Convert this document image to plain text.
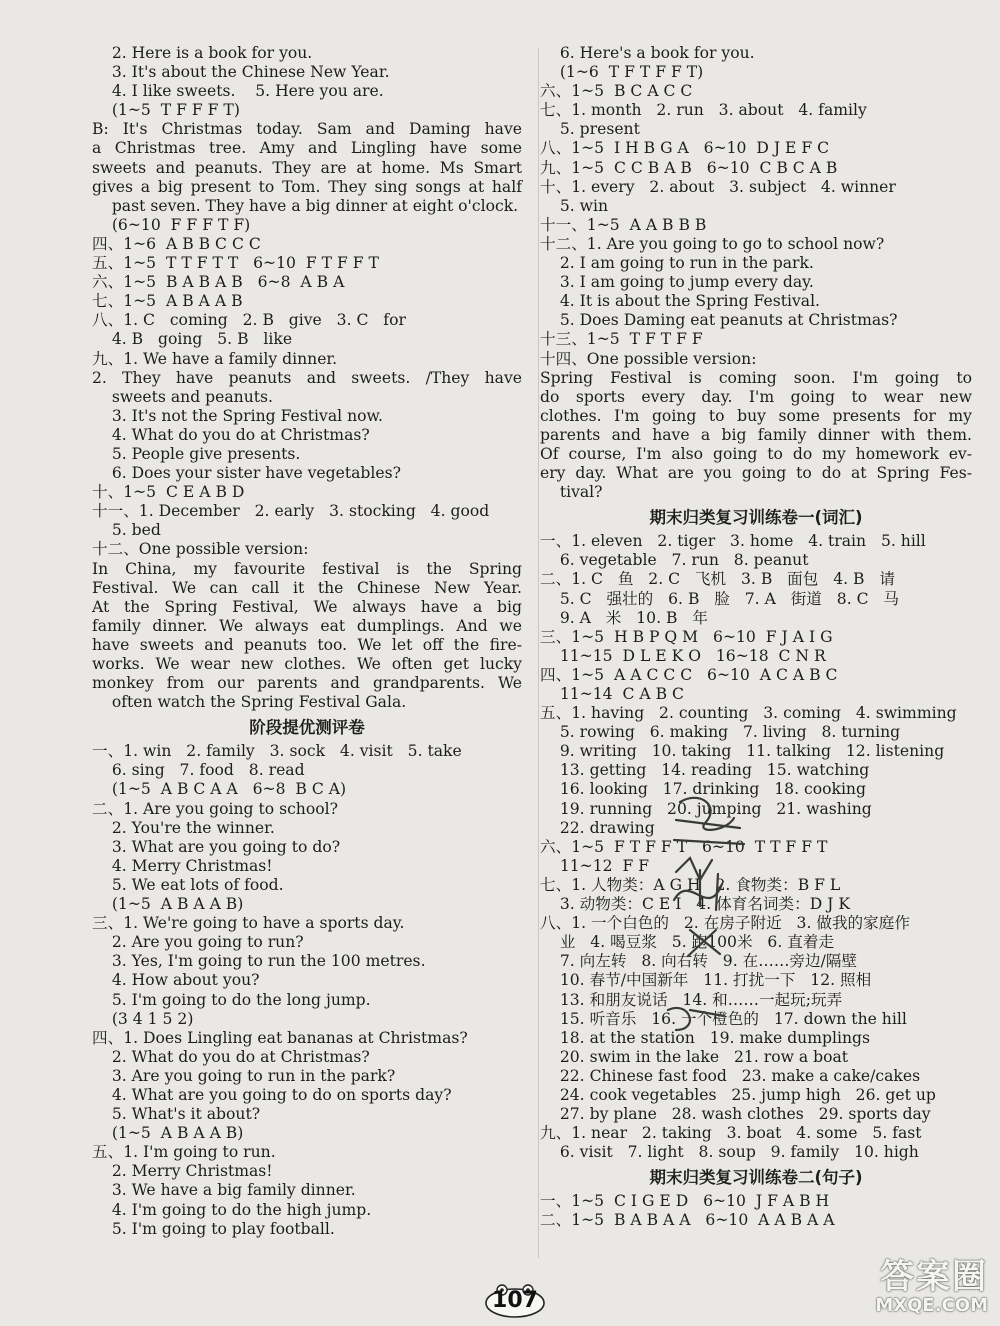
2. Here is a book for you.
3. It's about the Chinese New Year.
4. I like sweets.    5. Here you are.
(1~5  T F F F T)
B: It's Christmas today. Sam and Daming have
a Christmas tree. Amy and Lingling have some
sweets and peanuts. They are at home. Ms Smart
gives a big present to Tom. They sing songs at half
past seven. They have a big dinner at eight o'clock.
(6~10  F F F T F)
四、1~6  A B B C C C
五、1~5  T T F T T   6~10  F T F F T
六、1~5  B A B A B   6~8  A B A
七、1~5  A B A A B
八、1. C   coming   2. B   give   3. C   for
4. B   going   5. B   like
九、1. We have a family dinner.
2. They have peanuts and sweets. /They have
sweets and peanuts.
3. It's not the Spring Festival now.
4. What do you do at Christmas?
5. People give presents.
6. Does your sister have vegetables?
十、1~5  C E A B D
十一、1. December   2. early   3. stocking   4. good
5. bed
十二、One possible version:
In China, my favourite festival is the Spring
Festival. We can call it the Chinese New Year.
At the Spring Festival, We always have a big
family dinner. We always eat dumplings. And we
have sweets and peanuts too. We let off the fire-
works. We wear new clothes. We often get lucky
monkey from our parents and grandparents. We
often watch the Spring Festival Gala.
阶段提优测评卷
一、1. win   2. family   3. sock   4. visit   5. take
6. sing   7. food   8. read
(1~5  A B C A A   6~8  B C A)
二、1. Are you going to school?
2. You're the winner.
3. What are you going to do?
4. Merry Christmas!
5. We eat lots of food.
(1~5  A B A A B)
三、1. We're going to have a sports day.
2. Are you going to run?
3. Yes, I'm going to run the 100 metres.
4. How about you?
5. I'm going to do the long jump.
(3 4 1 5 2)
四、1. Does Lingling eat bananas at Christmas?
2. What do you do at Christmas?
3. Are you going to run in the park?
4. What are you going to do on sports day?
5. What's it about?
(1~5  A B A A B)
五、1. I'm going to run.
2. Merry Christmas!
3. We have a big family dinner.
4. I'm going to do the high jump.
5. I'm going to play football.
6. Here's a book for you.
(1~6  T F T F F T)
六、1~5  B C A C C
七、1. month   2. run   3. about   4. family
5. present
八、1~5  I H B G A   6~10  D J E F C
九、1~5  C C B A B   6~10  C B C A B
十、1. every   2. about   3. subject   4. winner
5. win
十一、1~5  A A B B B
十二、1. Are you going to go to school now?
2. I am going to run in the park.
3. I am going to jump every day.
4. It is about the Spring Festival.
5. Does Daming eat peanuts at Christmas?
十三、1~5  T F T F F
十四、One possible version:
Spring Festival is coming soon. I'm going to
do sports every day. I'm going to wear new
clothes. I'm going to buy some presents for my
parents and have a big family dinner with them.
Of course, I'm also going to do my homework ev-
ery day. What are you going to do at Spring Fes-
tival?
期末归类复习训练卷一(词汇)
一、1. eleven   2. tiger   3. home   4. train   5. hill
6. vegetable   7. run   8. peanut
二、1. C   鱼   2. C   飞机   3. B   面包   4. B   请
5. C   强壮的   6. B   脸   7. A   街道   8. C   马
9. A   米   10. B   年
三、1~5  H B P Q M   6~10  F J A I G
11~15  D L E K O   16~18  C N R
四、1~5  A A C C C   6~10  A C A B C
11~14  C A B C
五、1. having   2. counting   3. coming   4. swimming
5. rowing   6. making   7. living   8. turning
9. writing   10. taking   11. talking   12. listening
13. getting   14. reading   15. watching
16. looking   17. drinking   18. cooking
19. running   20. jumping   21. washing
22. drawing
六、1~5  F T F F T   6~10  T T F F T
11~12  F F
七、1. 人物类：A G H   2. 食物类：B F L
3. 动物类：C E I   4. 体育名词类：D J K
八、1. 一个白色的   2. 在房子附近   3. 做我的家庭作
业   4. 喝豆浆   5. 跑100米   6. 直着走
7. 向左转   8. 向右转   9. 在……旁边/隔壁
10. 春节/中国新年   11. 打扰一下   12. 照相
13. 和朋友说话   14. 和……一起玩;玩弄
15. 听音乐   16. 一个橙色的   17. down the hill
18. at the station   19. make dumplings
20. swim in the lake   21. row a boat
22. Chinese fast food   23. make a cake/cakes
24. cook vegetables   25. jump high   26. get up
27. by plane   28. wash clothes   29. sports day
九、1. near   2. taking   3. boat   4. some   5. fast
6. visit   7. light   8. soup   9. family   10. high
期末归类复习训练卷二(句子)
一、1~5  C I G E D   6~10  J F A B H
二、1~5  B A B A A   6~10  A A B A A
107
答案圈
MXQE.COM
